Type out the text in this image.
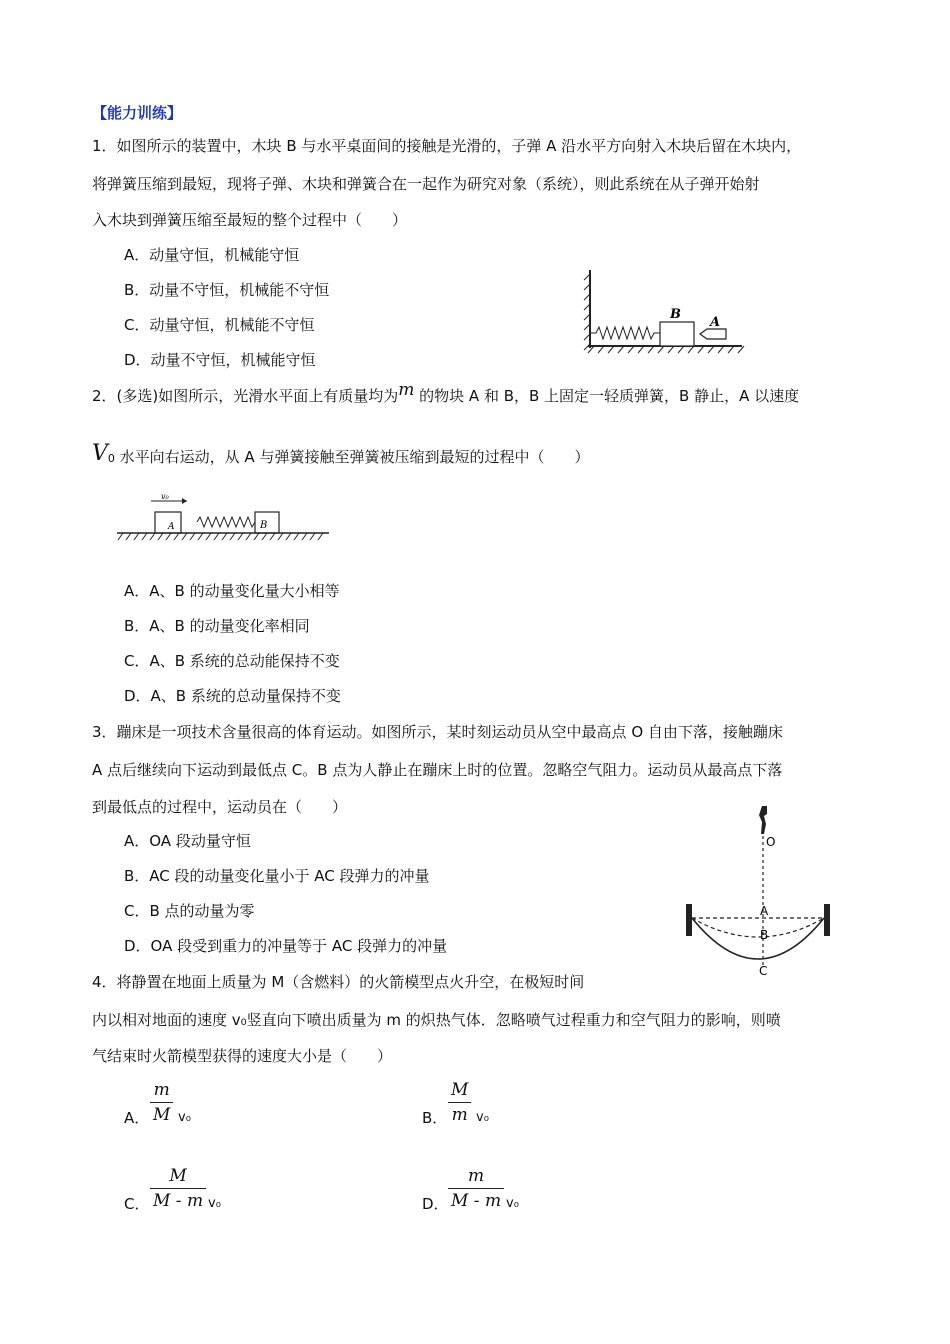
【能力训练】
1．如图所示的装置中，木块 B 与水平桌面间的接触是光滑的，子弹 A 沿水平方向射入木块后留在木块内，
将弹簧压缩到最短，现将子弹、木块和弹簧合在一起作为研究对象（系统），则此系统在从子弹开始射
入木块到弹簧压缩至最短的整个过程中（　　）
A．动量守恒，机械能守恒
B．动量不守恒，机械能不守恒
C．动量守恒，机械能不守恒
D．动量不守恒，机械能守恒
B
A
2．(多选)如图所示，光滑水平面上有质量均为m 的物块 A 和 B，B 上固定一轻质弹簧，B 静止，A 以速度
V0 水平向右运动，从 A 与弹簧接触至弹簧被压缩到最短的过程中（　　）
v₀
A	B
A．A、B 的动量变化量大小相等
B．A、B 的动量变化率相同
C．A、B 系统的总动能保持不变
D．A、B 系统的总动量保持不变
3．蹦床是一项技术含量很高的体育运动。如图所示，某时刻运动员从空中最高点 O 自由下落，接触蹦床
A 点后继续向下运动到最低点 C。B 点为人静止在蹦床上时的位置。忽略空气阻力。运动员从最高点下落
到最低点的过程中，运动员在（　　）
A．OA 段动量守恒
B．AC 段的动量变化量小于 AC 段弹力的冲量
C．B 点的动量为零
D．OA 段受到重力的冲量等于 AC 段弹力的冲量
O
A
B
C
4．将静置在地面上质量为 M（含燃料）的火箭模型点火升空，在极短时间
内以相对地面的速度 v₀竖直向下喷出质量为 m 的炽热气体．忽略喷气过程重力和空气阻力的影响，则喷
气结束时火箭模型获得的速度大小是（　　）
A．
m
M v₀	B．
M
m v₀
C．
M
M - m v₀	D．
m
M - m v₀
